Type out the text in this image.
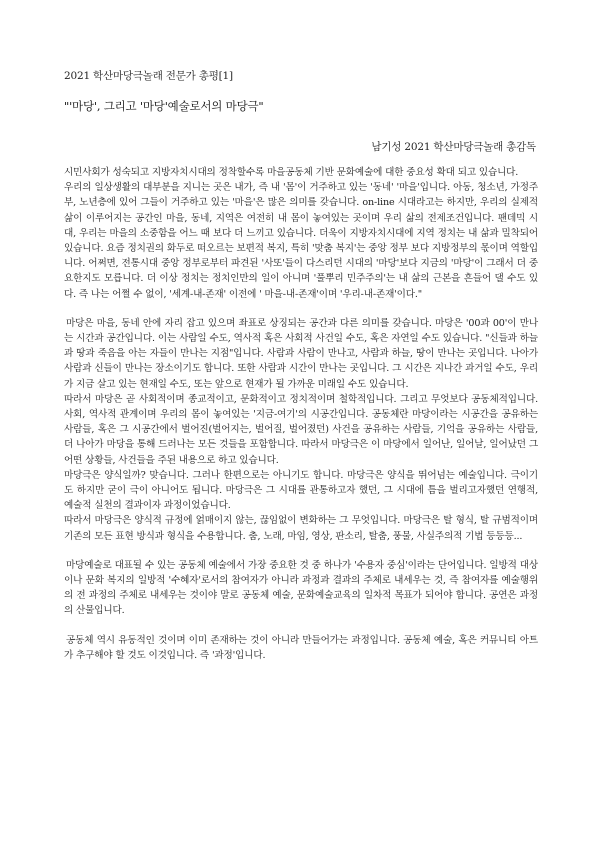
2021 학산마당극놀래 전문가 총평[1]
"'마당', 그리고 '마당'예술로서의 마당극"
남기성 2021 학산마당극놀래 총감독

시민사회가 성숙되고 지방자치시대의 정착할수록 마을공동체 기반 문화예술에 대한 중요성 확대 되고 있습니다.

우리의 일상생활의 대부분을 지니는 곳은 내가, 즉 내 '몸'이 거주하고 있는 '동네' '마을'입니다. 아동, 청소년, 가정주부, 노년층에 있어 그들이 거주하고 있는 '마을'은 많은 의미를 갖습니다. on-line 시대라고는 하지만, 우리의 실제적 삶이 이루어지는 공간인 마을, 동네, 지역은 여전히 내 몸이 놓여있는 곳이며 우리 삶의 전제조건입니다. 팬데믹 시대, 우리는 마을의 소중함을 어느 때 보다 더 느끼고 있습니다. 더욱이 지방자치시대에 지역 정치는 내 삶과 밀착되어있습니다. 요즘 정치권의 화두로 떠오르는 보편적 복지, 특히 '맞춤 복지'는 중앙 정부 보다 지방정부의 몫이며 역할입니다. 어쩌면, 전통시대 중앙 정부로부터 파견된 '사또'들이 다스리던 시대의 '마당'보다 지금의 '마당'이 그래서 더 중요한지도 모릅니다. 더 이상 정치는 정치인만의 일이 아니며 '풀뿌리 민주주의'는 내 삶의 근본을 흔들어 댈 수도 있다. 즉 나는 어쩔 수 없이, '세계-내-존재' 이전에 ' 마을-내-존재'이며 '우리-내-존재'이다."

마당은 마을, 동네 안에 자리 잡고 있으며 좌표로 상징되는 공간과 다른 의미를 갖습니다. 마당은 '00과 00'이 만나는 시간과 공간입니다. 이는 사람일 수도, 역사적 혹은 사회적 사건일 수도, 혹은 자연일 수도 있습니다. "신들과 하늘과 땅과 죽음을 아는 자들이 만나는 지점"입니다. 사람과 사람이 만나고, 사람과 하늘, 땅이 만나는 곳입니다. 나아가 사람과 신들이 만나는 장소이기도 합니다. 또한 사람과 시간이 만나는 곳입니다. 그 시간은 지나간 과거일 수도, 우리가 지금 살고 있는 현재일 수도, 또는 앞으로 현재가 될 가까운 미래일 수도 있습니다.

따라서 마당은 곧 사회적이며 종교적이고, 문화적이고 정치적이며 철학적입니다. 그리고 무엇보다 공동체적입니다. 사회, 역사적 관계이며 우리의 몸이 놓여있는 '지금-여기'의 시공간입니다. 공동체란 마당이라는 시공간을 공유하는 사람들, 혹은 그 시공간에서 벌어진(벌어지는, 벌어질, 벌어졌던) 사건을 공유하는 사람들, 기억을 공유하는 사람들, 더 나아가 마당을 통해 드러나는 모든 것들을 포함합니다. 따라서 마당극은 이 마당에서 일어난, 일어날, 일어났던 그 어떤 상황들, 사건들을 주된 내용으로 하고 있습니다.

마당극은 양식일까? 맞습니다. 그러나 한편으로는 아니기도 합니다. 마당극은 양식을 뛰어넘는 예술입니다. 극이기도 하지만 굳이 극이 아니어도 됩니다. 마당극은 그 시대를 관통하고자 했던, 그 시대에 틈을 벌리고자했던 연행적, 예술적 실천의 결과이자 과정이었습니다.

따라서 마당극은 양식적 규정에 얽매이지 않는, 끊임없이 변화하는 그 무엇입니다. 마당극은 탈 형식, 탈 규범적이며 기존의 모든 표현 방식과 형식을 수용합니다. 춤, 노래, 마임, 영상, 판소리, 탈춤, 풍물, 사실주의적 기법 등등등...

마당예술로 대표될 수 있는 공동체 예술에서 가장 중요한 것 중 하나가 '수용자 중심'이라는 단어입니다. 일방적 대상이나 문화 복지의 일방적 '수혜자'로서의 참여자가 아니라 과정과 결과의 주체로 내세우는 것, 즉 참여자를 예술행위의 전 과정의 주체로 내세우는 것이야 말로 공동체 예술, 문화예술교육의 일차적 목표가 되어야 합니다. 공연은 과정의 산물입니다.

공동체 역시 유동적인 것이며 이미 존재하는 것이 아니라 만들어가는 과정입니다. 공동체 예술, 혹은 커뮤니티 아트가 추구해야 할 것도 이것입니다. 즉 '과정'입니다.
